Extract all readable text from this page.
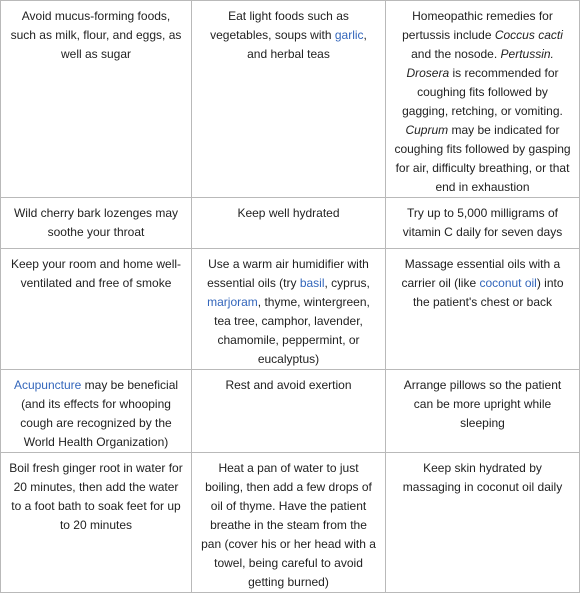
Avoid mucus-forming foods, such as milk, flour, and eggs, as well as sugar	Eat light foods such as vegetables, soups with garlic, and herbal teas	Homeopathic remedies for pertussis include Coccus cacti and the nosode. Pertussin. Drosera is recommended for coughing fits followed by gagging, retching, or vomiting. Cuprum may be indicated for coughing fits followed by gasping for air, difficulty breathing, or that end in exhaustion
Wild cherry bark lozenges may soothe your throat	Keep well hydrated	Try up to 5,000 milligrams of vitamin C daily for seven days
Keep your room and home well-ventilated and free of smoke	Use a warm air humidifier with essential oils (try basil, cyprus, marjoram, thyme, wintergreen, tea tree, camphor, lavender, chamomile, peppermint, or eucalyptus)	Massage essential oils with a carrier oil (like coconut oil) into the patient's chest or back
Acupuncture may be beneficial (and its effects for whooping cough are recognized by the World Health Organization)	Rest and avoid exertion	Arrange pillows so the patient can be more upright while sleeping
Boil fresh ginger root in water for 20 minutes, then add the water to a foot bath to soak feet for up to 20 minutes	Heat a pan of water to just boiling, then add a few drops of oil of thyme. Have the patient breathe in the steam from the pan (cover his or her head with a towel, being careful to avoid getting burned)	Keep skin hydrated by massaging in coconut oil daily
